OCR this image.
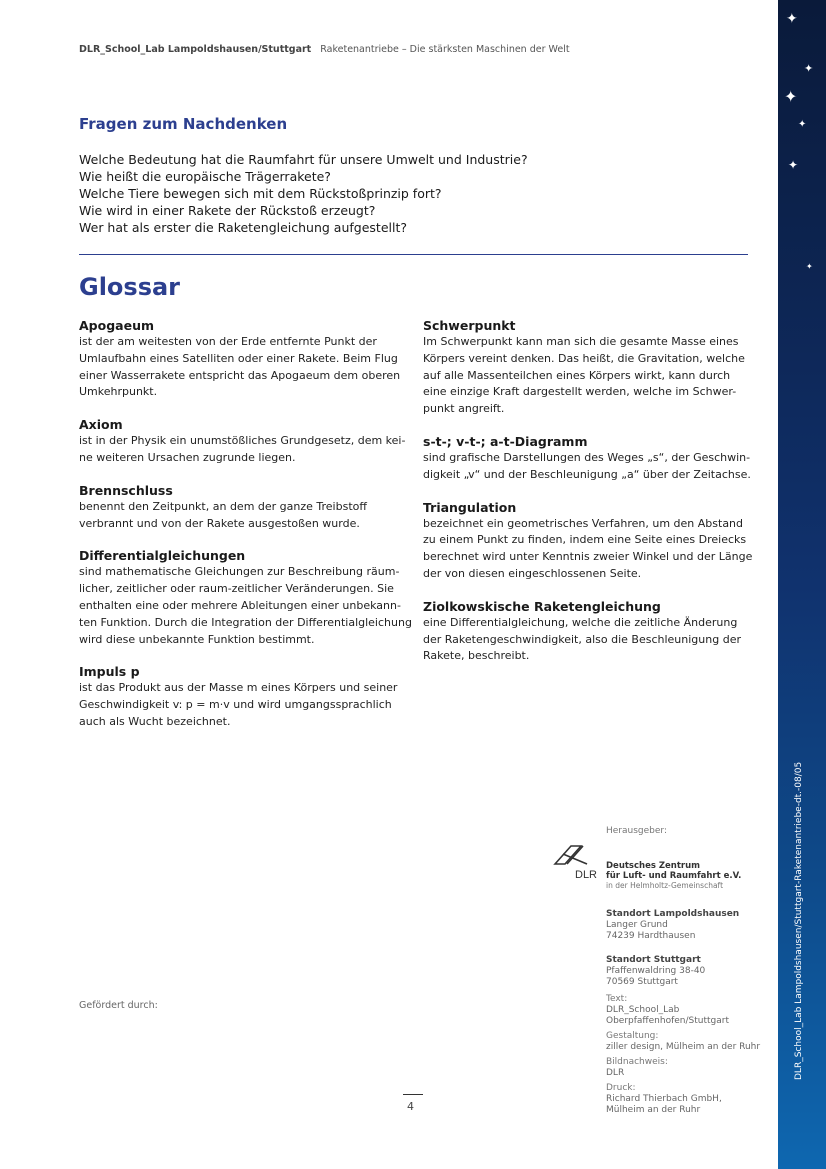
DLR_School_Lab Lampoldshausen/Stuttgart Raketenantriebe – Die stärksten Maschinen der Welt
Fragen zum Nachdenken
Welche Bedeutung hat die Raumfahrt für unsere Umwelt und Industrie?
Wie heißt die europäische Trägerrakete?
Welche Tiere bewegen sich mit dem Rückstoßprinzip fort?
Wie wird in einer Rakete der Rückstoß erzeugt?
Wer hat als erster die Raketengleichung aufgestellt?
Glossar
Apogaeum
ist der am weitesten von der Erde entfernte Punkt der
Umlaufbahn eines Satelliten oder einer Rakete. Beim Flug
einer Wasserrakete entspricht das Apogaeum dem oberen
Umkehrpunkt.
Axiom
ist in der Physik ein unumstößliches Grundgesetz, dem kei-
ne weiteren Ursachen zugrunde liegen.
Brennschluss
benennt den Zeitpunkt, an dem der ganze Treibstoff
verbrannt und von der Rakete ausgestoßen wurde.
Differentialgleichungen
sind mathematische Gleichungen zur Beschreibung räum-
licher, zeitlicher oder raum-zeitlicher Veränderungen. Sie
enthalten eine oder mehrere Ableitungen einer unbekann-
ten Funktion. Durch die Integration der Differentialgleichung
wird diese unbekannte Funktion bestimmt.
Impuls p
ist das Produkt aus der Masse m eines Körpers und seiner
Geschwindigkeit v: p = m·v und wird umgangssprachlich
auch als Wucht bezeichnet.
Schwerpunkt
Im Schwerpunkt kann man sich die gesamte Masse eines
Körpers vereint denken. Das heißt, die Gravitation, welche
auf alle Massenteilchen eines Körpers wirkt, kann durch
eine einzige Kraft dargestellt werden, welche im Schwer-
punkt angreift.
s-t-; v-t-; a-t-Diagramm
sind grafische Darstellungen des Weges „s“, der Geschwin-
digkeit „v“ und der Beschleunigung „a“ über der Zeitachse.
Triangulation
bezeichnet ein geometrisches Verfahren, um den Abstand
zu einem Punkt zu finden, indem eine Seite eines Dreiecks
berechnet wird unter Kenntnis zweier Winkel und der Länge
der von diesen eingeschlossenen Seite.
Ziolkowskische Raketengleichung
eine Differentialgleichung, welche die zeitliche Änderung
der Raketengeschwindigkeit, also die Beschleunigung der
Rakete, beschreibt.
Gefördert durch:
4
DLR
Herausgeber:
Deutsches Zentrum
für Luft- und Raumfahrt e.V.
in der Helmholtz-Gemeinschaft
Standort Lampoldshausen
Langer Grund
74239 Hardthausen
Standort Stuttgart
Pfaffenwaldring 38-40
70569 Stuttgart
Text:
DLR_School_Lab
Oberpfaffenhofen/Stuttgart
Gestaltung:
ziller design, Mülheim an der Ruhr
Bildnachweis:
DLR
Druck:
Richard Thierbach GmbH,
Mülheim an der Ruhr
✦
✦
✦
✦
✦
✦
